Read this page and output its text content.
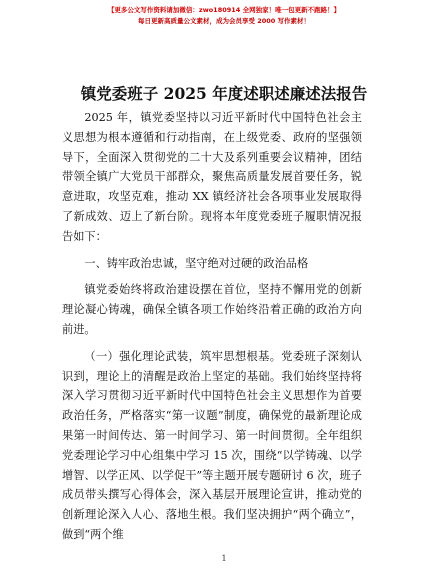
【更多公文写作资料请加微信：zwo180914 全网独家！唯一包更新不跑路！】
每日更新高质量公文素材，成为会员享受 2000 写作素材！
镇党委班子 2025 年度述职述廉述法报告

2025 年，镇党委坚持以习近平新时代中国特色社会主义思想为根本遵循和行动指南，在上级党委、政府的坚强领导下，全面深入贯彻党的二十大及系列重要会议精神，团结带领全镇广大党员干部群众，聚焦高质量发展首要任务，锐意进取，攻坚克难，推动 XX 镇经济社会各项事业发展取得了新成效、迈上了新台阶。现将本年度党委班子履职情况报告如下：

一、铸牢政治忠诚，坚守绝对过硬的政治品格

镇党委始终将政治建设摆在首位，坚持不懈用党的创新理论凝心铸魂，确保全镇各项工作始终沿着正确的政治方向前进。

（一）强化理论武装，筑牢思想根基。党委班子深刻认识到，理论上的清醒是政治上坚定的基础。我们始终坚持将深入学习贯彻习近平新时代中国特色社会主义思想作为首要政治任务，严格落实“第一议题”制度，确保党的最新理论成果第一时间传达、第一时间学习、第一时间贯彻。全年组织党委理论学习中心组集中学习 15 次，围绕“以学铸魂、以学增智、以学正风、以学促干”等主题开展专题研讨 6 次，班子成员带头撰写心得体会，深入基层开展理论宣讲，推动党的创新理论深入人心、落地生根。我们坚决拥护“两个确立”，做到“两个维

1
